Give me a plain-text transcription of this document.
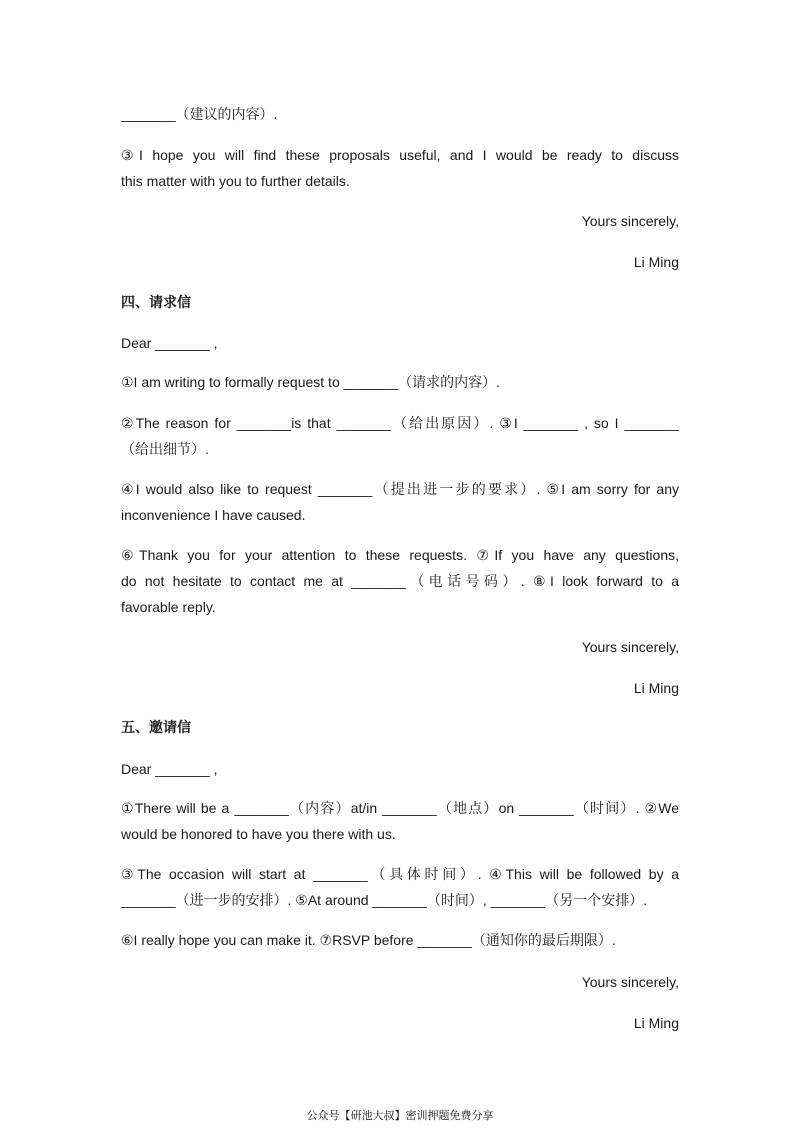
_______（建议的内容）.
③I hope you will find these proposals useful, and I would be ready to discuss
this matter with you to further details.
Yours sincerely,
Li Ming
四、请求信
Dear _______ ,
①I am writing to formally request to _______（请求的内容）.
②The reason for _______is that _______（给出原因）. ③I _______ , so I _______
（给出细节）.
④I would also like to request _______（提出进一步的要求）. ⑤I am sorry for any
inconvenience I have caused.
⑥Thank you for your attention to these requests. ⑦If you have any questions,
do not hesitate to contact me at _______（电话号码）. ⑧I look forward to a
favorable reply.
Yours sincerely,
Li Ming
五、邀请信
Dear _______ ,
①There will be a _______（内容）at/in _______（地点）on _______（时间）. ②We
would be honored to have you there with us.
③The occasion will start at _______（具体时间）. ④This will be followed by a
_______（进一步的安排）. ⑤At around _______（时间）, _______（另一个安排）.
⑥I really hope you can make it. ⑦RSVP before _______（通知你的最后期限）.
Yours sincerely,
Li Ming
公众号【研池大叔】密训押题免费分享
